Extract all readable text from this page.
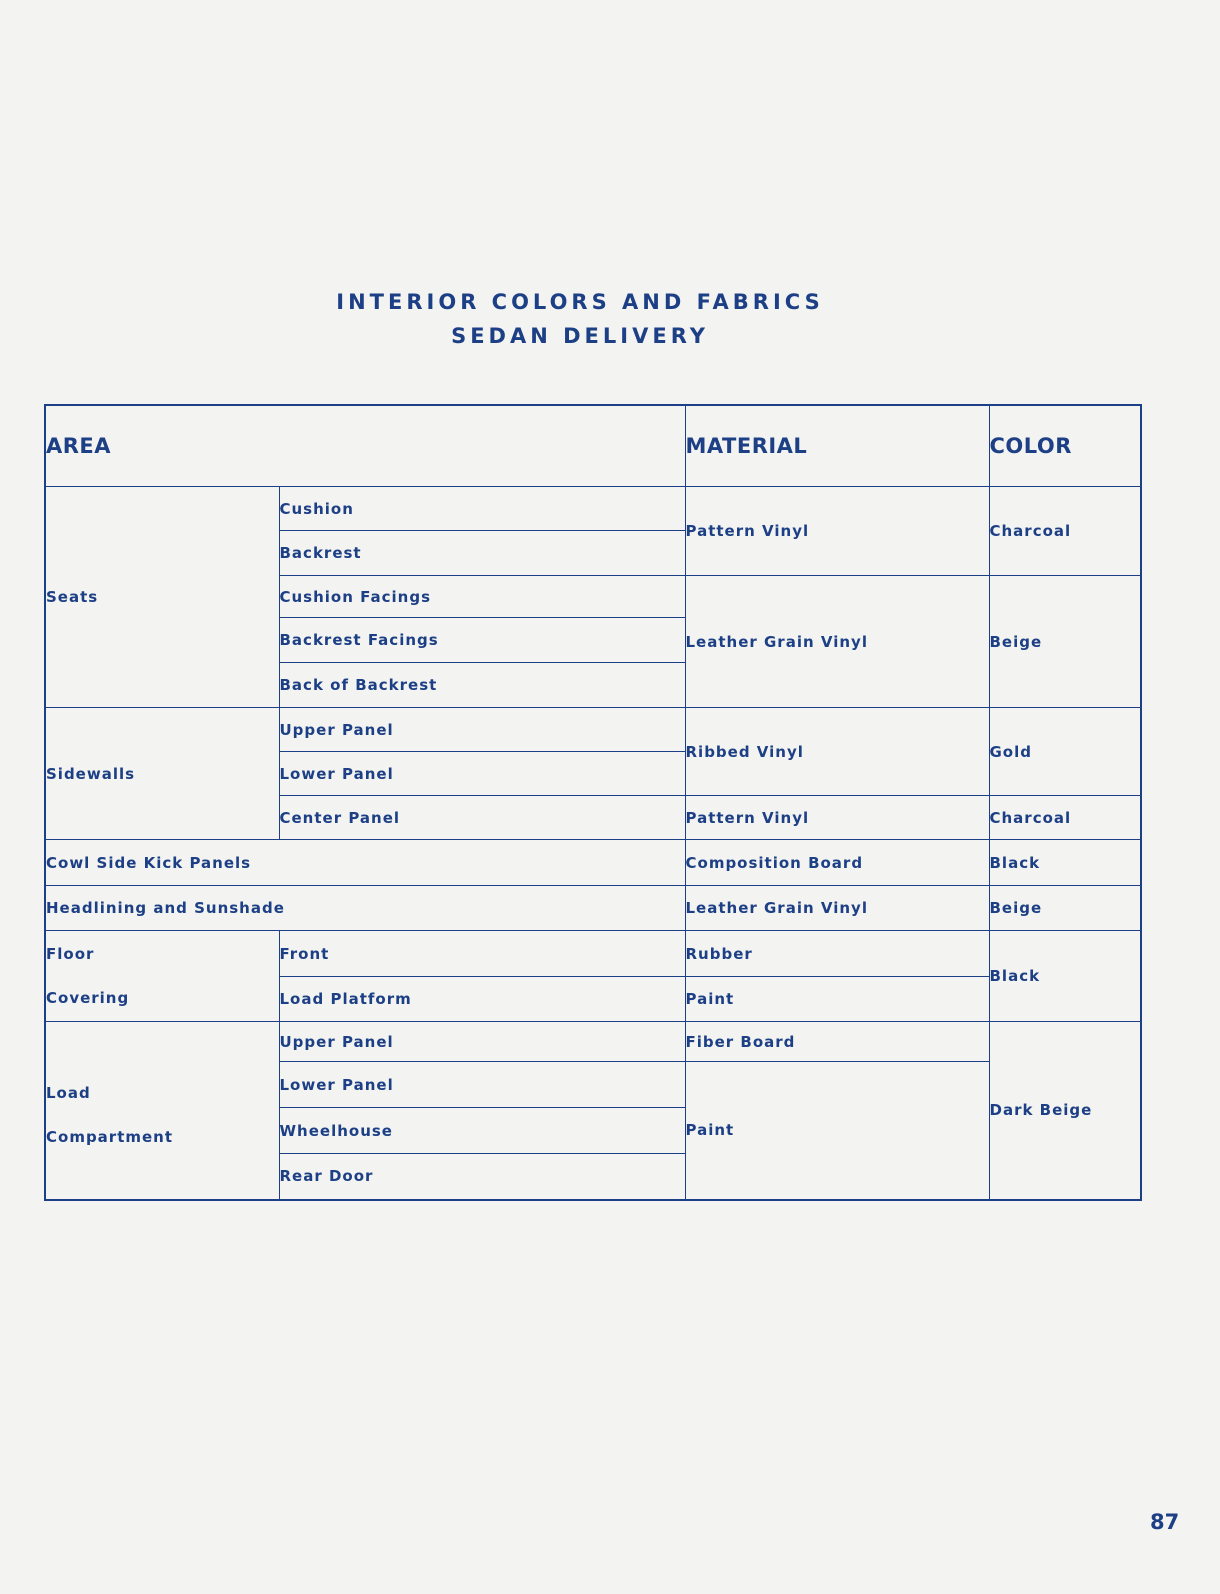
INTERIOR COLORS AND FABRICS
SEDAN DELIVERY
AREA		MATERIAL	COLOR
Seats	Cushion	Pattern Vinyl	Charcoal
	Backrest		
	Cushion Facings	Leather Grain Vinyl	Beige
	Backrest Facings		
	Back of Backrest		
Sidewalls	Upper Panel	Ribbed Vinyl	Gold
	Lower Panel		
	Center Panel	Pattern Vinyl	Charcoal
Cowl Side Kick Panels		Composition Board	Black
Headlining and Sunshade		Leather Grain Vinyl	Beige

Floor
Covering	Front	Rubber	Black
	Load Platform	Paint	

Load
Compartment	Upper Panel	Fiber Board	Dark Beige
	Lower Panel	Paint	
	Wheelhouse		
	Rear Door		
87
